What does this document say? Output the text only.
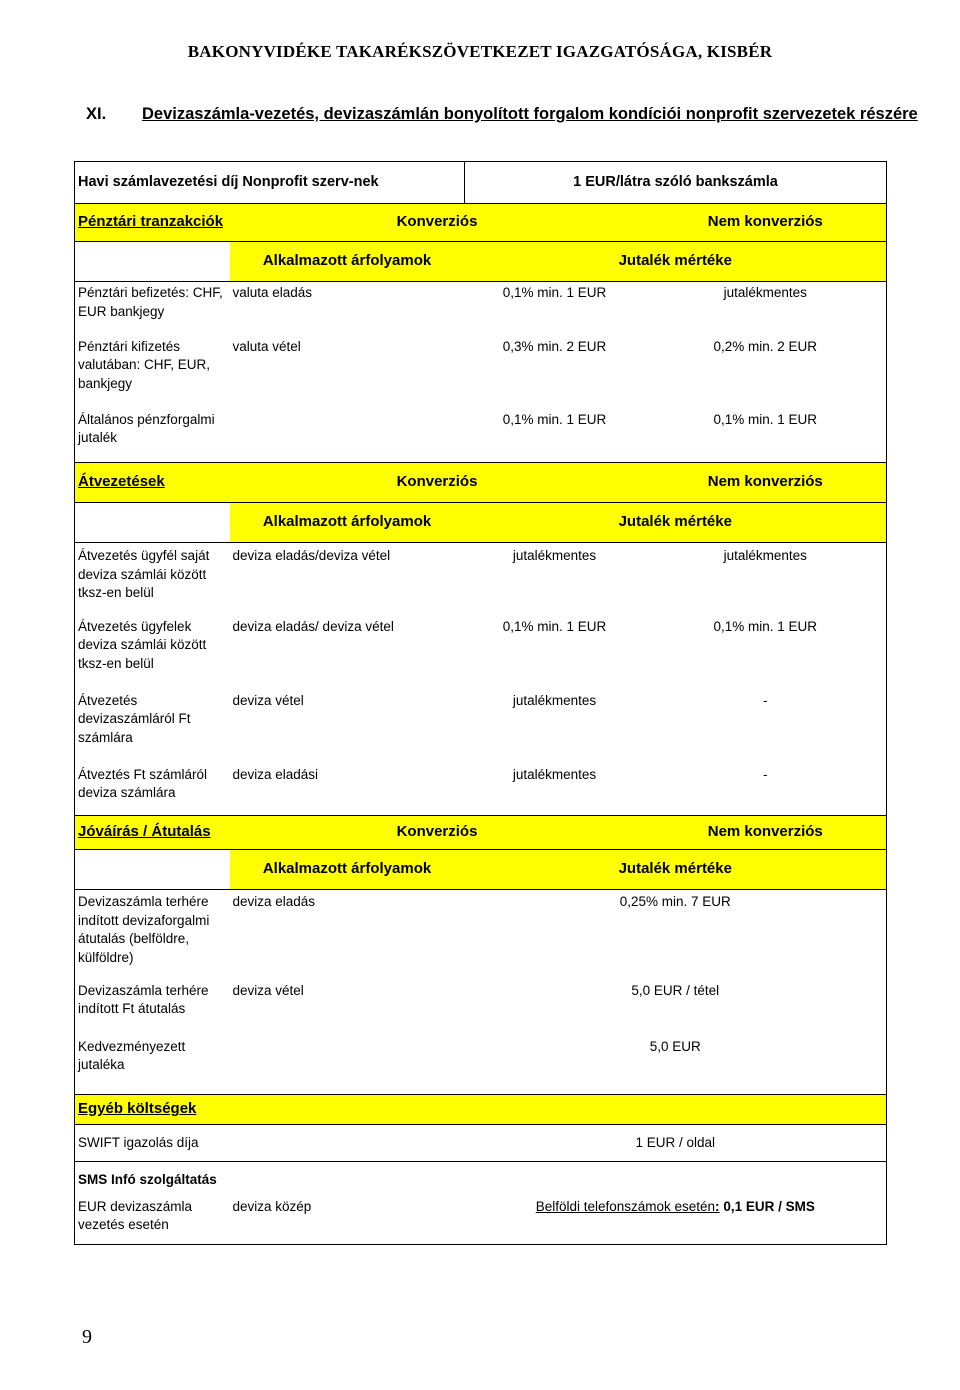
BAKONYVIDÉKE TAKARÉKSZÖVETKEZET IGAZGATÓSÁGA, KISBÉR
XI. Devizaszámla-vezetés, devizaszámlán bonyolított forgalom kondíciói nonprofit szervezetek részére
Havi számlavezetési díj Nonprofit szerv-nek		1 EUR/látra szóló bankszámla	
Pénztári tranzakciók	Konverziós		Nem konverziós
	Alkalmazott árfolyamok	Jutalék mértéke	
Pénztári befizetés: CHF, EUR bankjegy	valuta eladás	0,1% min. 1 EUR	jutalékmentes
Pénztári kifizetés valutában: CHF, EUR, bankjegy	valuta vétel	0,3% min. 2 EUR	0,2% min. 2 EUR
Általános pénzforgalmi jutalék		0,1% min. 1 EUR	0,1% min. 1 EUR
Átvezetések	Konverziós		Nem konverziós
	Alkalmazott árfolyamok	Jutalék mértéke	
Átvezetés ügyfél saját deviza számlái között tksz-en belül	deviza eladás/deviza vétel	jutalékmentes	jutalékmentes
Átvezetés ügyfelek deviza számlái között tksz-en belül	deviza eladás/ deviza vétel	0,1% min. 1 EUR	0,1% min. 1 EUR
Átvezetés devizaszámláról Ft számlára	deviza vétel	jutalékmentes	-
Átveztés Ft számláról deviza számlára	deviza eladási	jutalékmentes	-
Jóváírás / Átutalás	Konverziós		Nem konverziós
	Alkalmazott árfolyamok	Jutalék mértéke	
Devizaszámla terhére indított devizaforgalmi átutalás (belföldre, külföldre)	deviza eladás	0,25% min. 7 EUR	
Devizaszámla terhére indított Ft átutalás	deviza vétel	5,0 EUR / tétel	
Kedvezményezett jutaléka		5,0 EUR	
Egyéb költségek			
SWIFT igazolás díja		1 EUR / oldal	
SMS Infó szolgáltatás			
EUR devizaszámla vezetés esetén	deviza közép	Belföldi telefonszámok esetén: 0,1 EUR / SMS	
9
